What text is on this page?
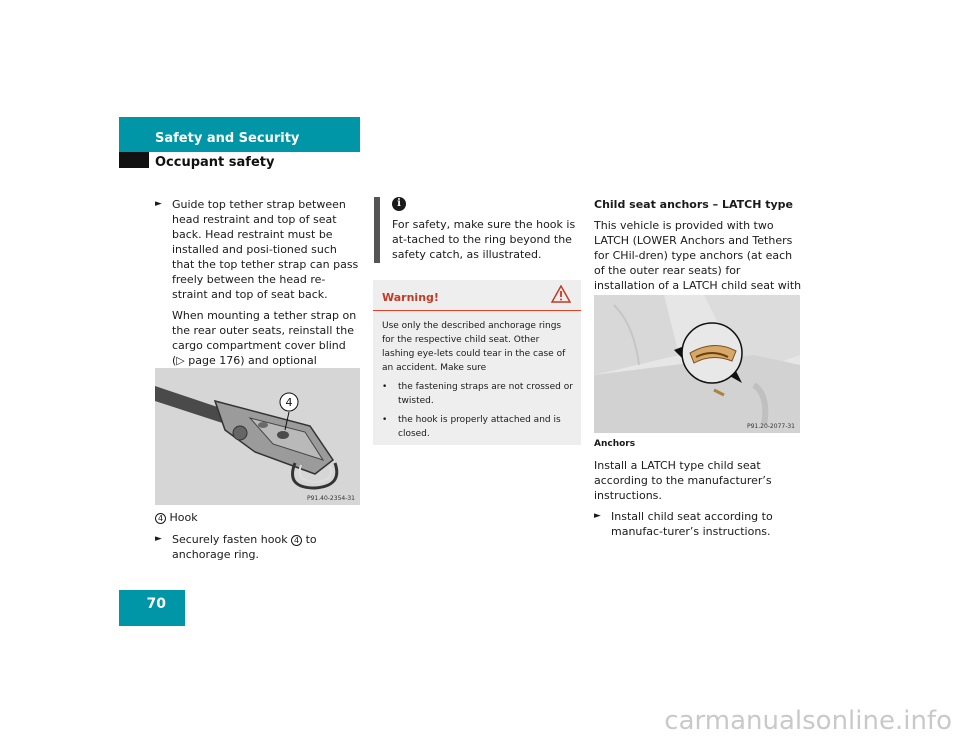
Safety and Security
Occupant safety
► Guide top tether strap between head restraint and top of seat back. Head restraint must be installed and posi-tioned such that the top tether strap can pass freely between the head re-straint and top of seat back.
When mounting a tether strap on the rear outer seats, reinstall the cargo compartment cover blind (▷ page 176) and optional
4
P91.40-2354-31
4 Hook
► Securely fasten hook 4 to anchorage ring.
i
For safety, make sure the hook is at-tached to the ring beyond the safety catch, as illustrated.
Warning!
Use only the described anchorage rings for the respective child seat. Other lashing eye-lets could tear in the case of an accident. Make sure
• the fastening straps are not crossed or twisted.
• the hook is properly attached and is closed.
Child seat anchors – LATCH type
This vehicle is provided with two LATCH (LOWER Anchors and Tethers for CHil-dren) type anchors (at each of the outer rear seats) for installation of a LATCH child seat with
P91.20-2077-31
Anchors
Install a LATCH type child seat according to the manufacturer’s instructions.
► Install child seat according to manufac-turer’s instructions.
70
carmanualsonline.info
